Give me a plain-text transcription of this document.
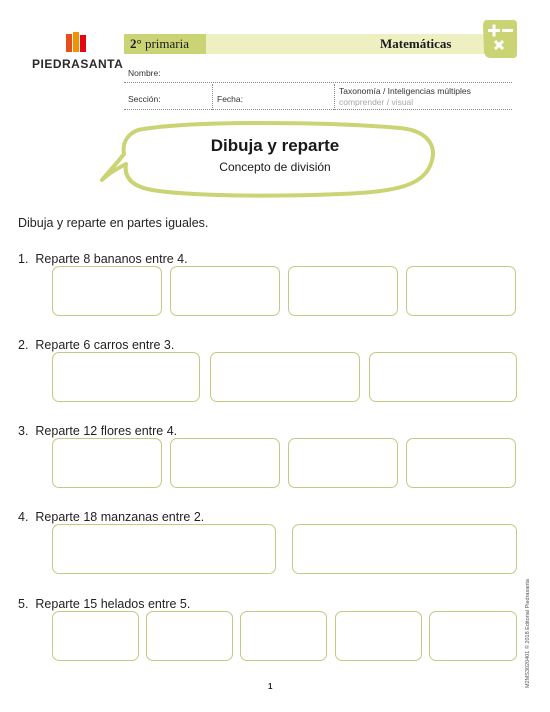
PIEDRASANTA
2° primaria	Matemáticas
Nombre:
Sección:	Fecha:
Taxonomía / Inteligencias múltiples
comprender / visual
Dibuja y reparte
Concepto de división
Dibuja y reparte en partes iguales.
1. Reparte 8 bananos entre 4.
2. Reparte 6 carros entre 3.
3. Reparte 12 flores entre 4.
4. Reparte 18 manzanas entre 2.
5. Reparte 15 helados entre 5.
1	M2MS3020401 © 2018 Editorial Piedrasanta
